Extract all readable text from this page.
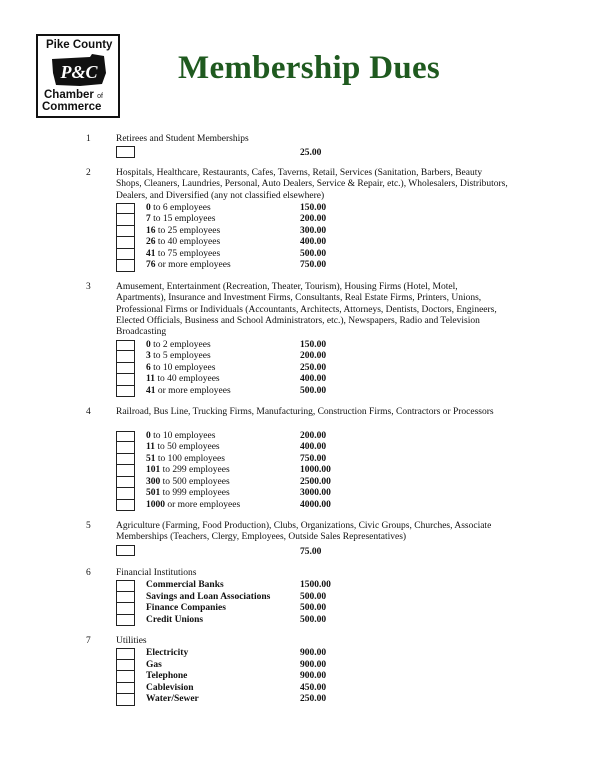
Pike County
P&C
Chamber of
Commerce
Membership Dues
1	Retirees and Student Memberships
25.00
2	Hospitals, Healthcare, Restaurants, Cafes, Taverns, Retail, Services (Sanitation, Barbers, Beauty Shops, Cleaners, Laundries, Personal, Auto Dealers, Service & Repair, etc.), Wholesalers, Distributors, Dealers, and Diversified (any not classified elsewhere)
0 to 6 employees	150.00
7 to 15 employees	200.00
16 to 25 employees	300.00
26 to 40 employees	400.00
41 to 75 employees	500.00
76 or more employees	750.00
3	Amusement, Entertainment (Recreation, Theater, Tourism), Housing Firms (Hotel, Motel, Apartments), Insurance and Investment Firms, Consultants, Real Estate Firms, Printers, Unions, Professional Firms or Individuals (Accountants, Architects, Attorneys, Dentists, Doctors, Engineers, Elected Officials, Business and School Administrators, etc.), Newspapers, Radio and Television Broadcasting
0 to 2 employees	150.00
3 to 5 employees	200.00
6 to 10 employees	250.00
11 to 40 employees	400.00
41 or more employees	500.00
4	Railroad, Bus Line, Trucking Firms, Manufacturing, Construction Firms, Contractors or Processors
0 to 10 employees	200.00
11 to 50 employees	400.00
51 to 100 employees	750.00
101 to 299 employees	1000.00
300 to 500 employees	2500.00
501 to 999 employees	3000.00
1000 or more employees	4000.00
5	Agriculture (Farming, Food Production), Clubs, Organizations, Civic Groups, Churches, Associate Memberships (Teachers, Clergy, Employees, Outside Sales Representatives)
75.00
6	Financial Institutions
Commercial Banks	1500.00
Savings and Loan Associations	500.00
Finance Companies	500.00
Credit Unions	500.00
7	Utilities
Electricity	900.00
Gas	900.00
Telephone	900.00
Cablevision	450.00
Water/Sewer	250.00
